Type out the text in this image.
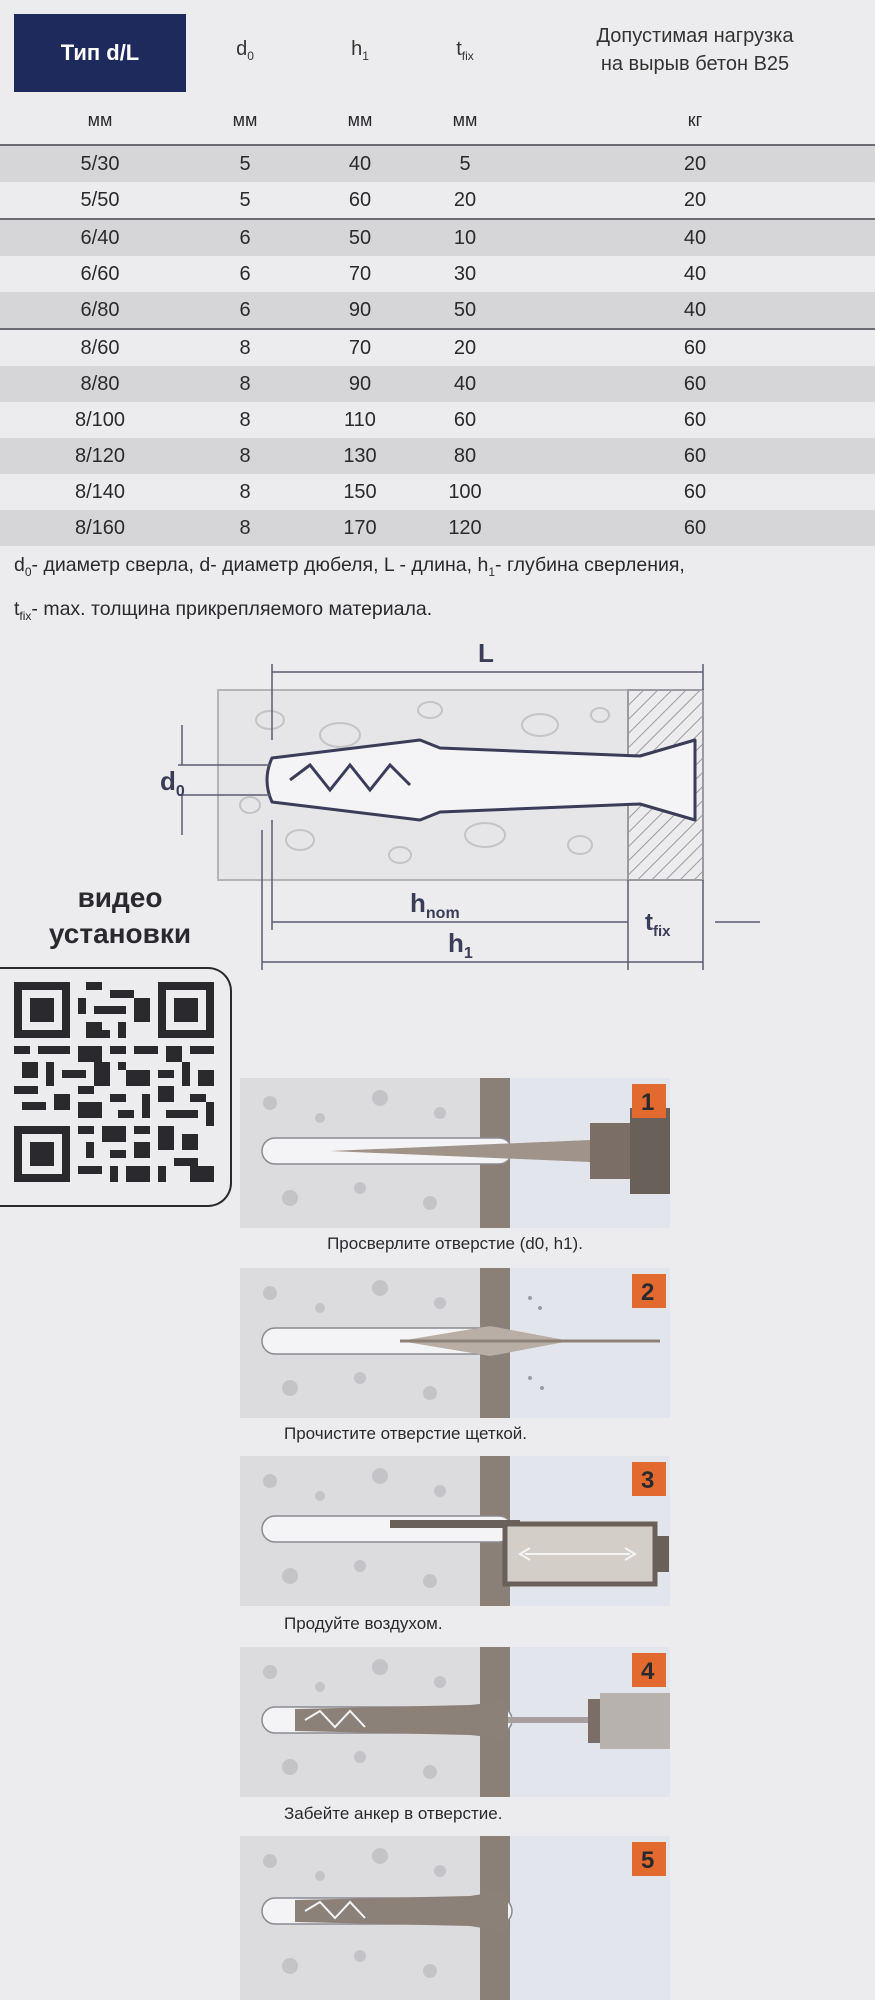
Тип d/L	$d_0$	$h_1$	$t_{fix}$
Допустимая нагрузка
на вырыв бетон B25
мм	мм	мм	мм	кг
5/30	5	40	5	20
5/50	5	60	20	20
6/40	6	50	10	40
6/60	6	70	30	40
6/80	6	90	50	40
8/60	8	70	20	60
8/80	8	90	40	60
8/100	8	110	60	60
8/120	8	130	80	60
8/140	8	150	100	60
8/160	8	170	120	60
$d_0-$ диаметр сверла, d- диаметр дюбеля, L - длина, $h_1-$ глубина сверления,
$t_{fix}-$ max. толщина прикрепляемого материала.
L
$d_0$
$h_{nom}$	$t_{fix}$
$h_1$
видео
установки
1
Просверлите отверстие (d0, h1).
2
Прочистите отверстие щеткой.
3
Продуйте воздухом.
4
Забейте анкер в отверстие.
5
